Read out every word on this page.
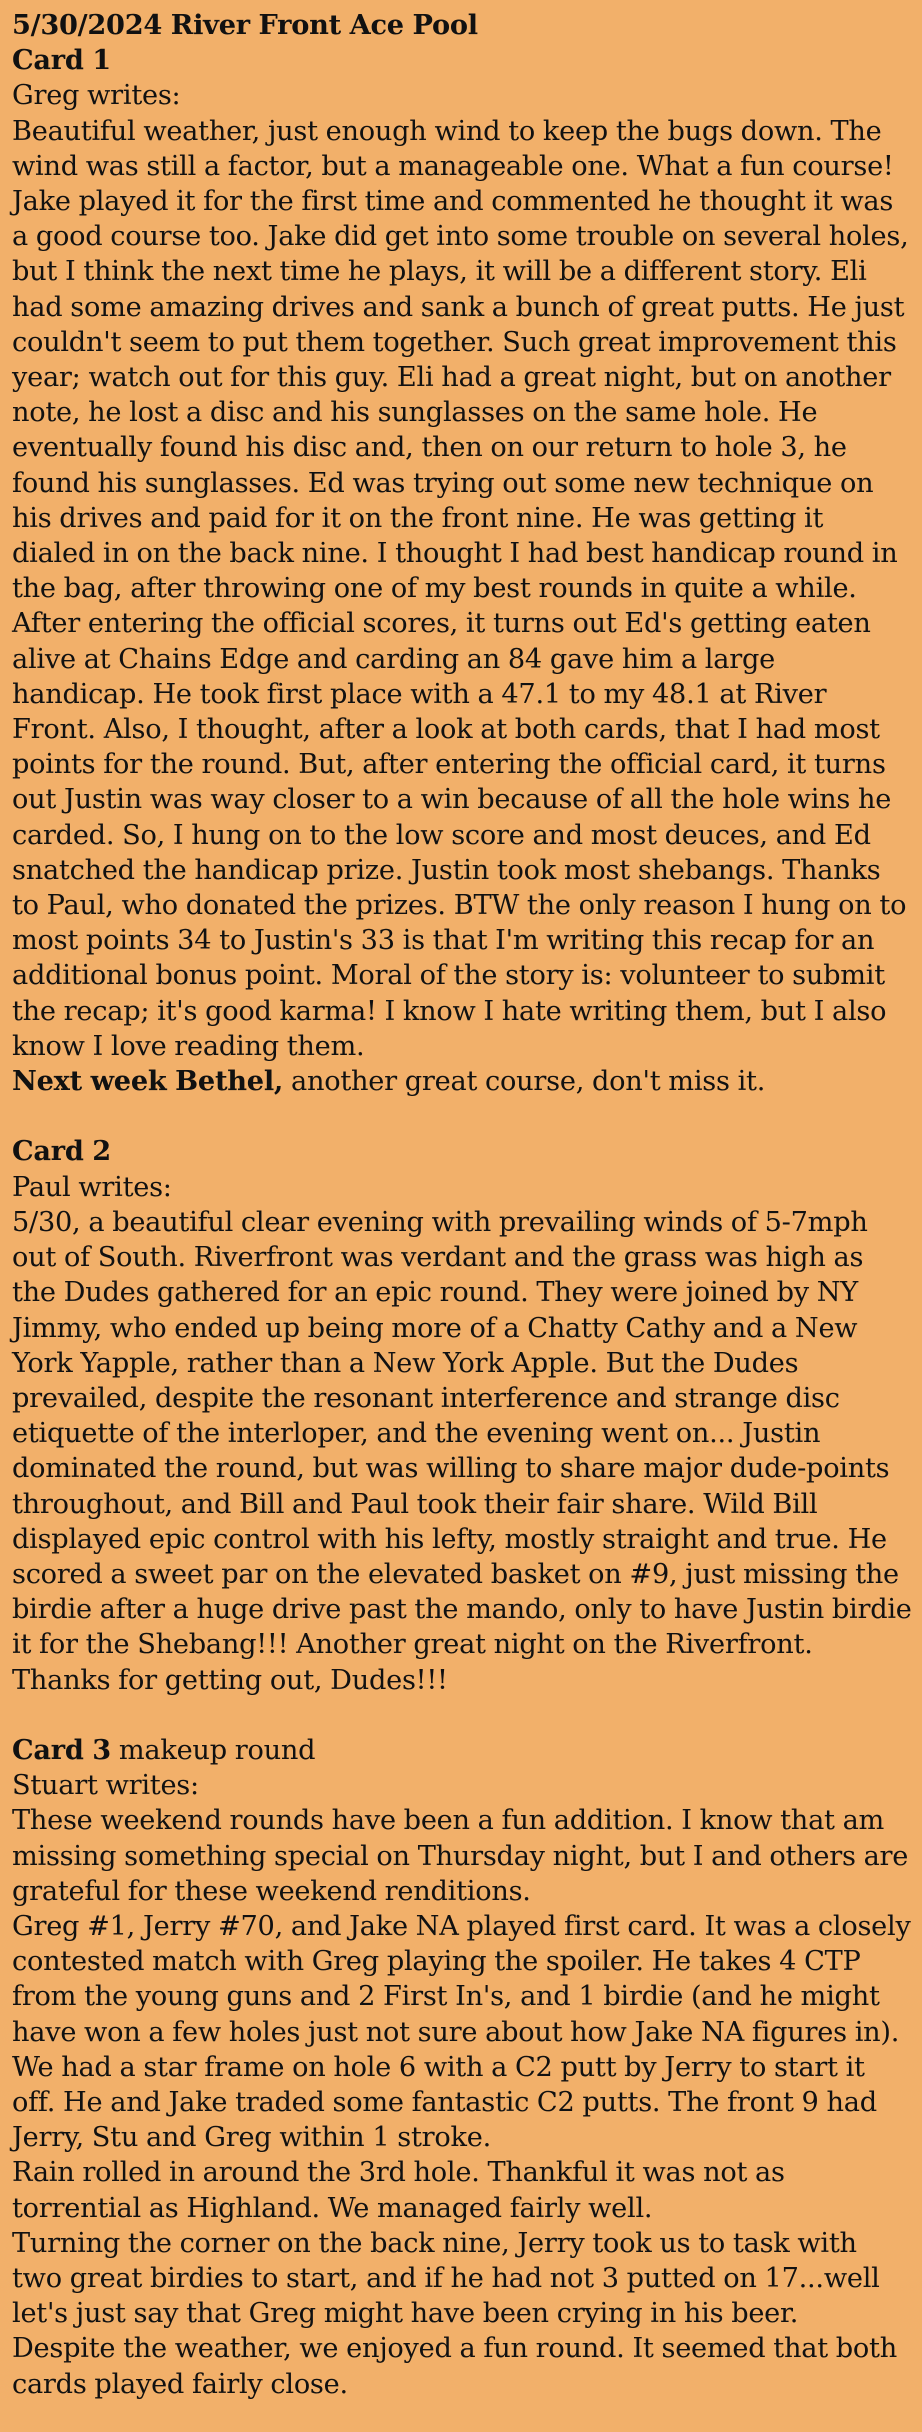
5/30/2024 River Front Ace Pool
Card 1
Greg writes:
Beautiful weather, just enough wind to keep the bugs down. The wind was still a factor, but a manageable one. What a fun course! Jake played it for the first time and commented he thought it was a good course too. Jake did get into some trouble on several holes, but I think the next time he plays, it will be a different story. Eli had some amazing drives and sank a bunch of great putts. He just couldn't seem to put them together. Such great improvement this year; watch out for this guy. Eli had a great night, but on another note, he lost a disc and his sunglasses on the same hole. He eventually found his disc and, then on our return to hole 3, he found his sunglasses. Ed was trying out some new technique on his drives and paid for it on the front nine. He was getting it dialed in on the back nine. I thought I had best handicap round in the bag, after throwing one of my best rounds in quite a while. After entering the official scores, it turns out Ed's getting eaten alive at Chains Edge and carding an 84 gave him a large handicap. He took first place with a 47.1 to my 48.1 at River Front. Also, I thought, after a look at both cards, that I had most points for the round. But, after entering the official card, it turns out Justin was way closer to a win because of all the hole wins he carded. So, I hung on to the low score and most deuces, and Ed snatched the handicap prize. Justin took most shebangs. Thanks to Paul, who donated the prizes. BTW the only reason I hung on to most points 34 to Justin's 33 is that I'm writing this recap for an additional bonus point. Moral of the story is: volunteer to submit the recap; it's good karma! I know I hate writing them, but I also know I love reading them.
Next week Bethel, another great course, don't miss it.
Card 2
Paul writes:
5/30, a beautiful clear evening with prevailing winds of 5-7mph out of South. Riverfront was verdant and the grass was high as the Dudes gathered for an epic round. They were joined by NY Jimmy, who ended up being more of a Chatty Cathy and a New York Yapple, rather than a New York Apple. But the Dudes prevailed, despite the resonant interference and strange disc etiquette of the interloper, and the evening went on... Justin dominated the round, but was willing to share major dude-points throughout, and Bill and Paul took their fair share. Wild Bill displayed epic control with his lefty, mostly straight and true. He scored a sweet par on the elevated basket on #9, just missing the birdie after a huge drive past the mando, only to have Justin birdie it for the Shebang!!! Another great night on the Riverfront. Thanks for getting out, Dudes!!!
Card 3 makeup round
Stuart writes:
These weekend rounds have been a fun addition. I know that am missing something special on Thursday night, but I and others are grateful for these weekend renditions.
Greg #1, Jerry #70, and Jake NA played first card. It was a closely contested match with Greg playing the spoiler. He takes 4 CTP from the young guns and 2 First In's, and 1 birdie (and he might have won a few holes just not sure about how Jake NA figures in). We had a star frame on hole 6 with a C2 putt by Jerry to start it off. He and Jake traded some fantastic C2 putts. The front 9 had Jerry, Stu and Greg within 1 stroke.
Rain rolled in around the 3rd hole. Thankful it was not as torrential as Highland. We managed fairly well.
Turning the corner on the back nine, Jerry took us to task with two great birdies to start, and if he had not 3 putted on 17...well let's just say that Greg might have been crying in his beer.
Despite the weather, we enjoyed a fun round. It seemed that both cards played fairly close.
